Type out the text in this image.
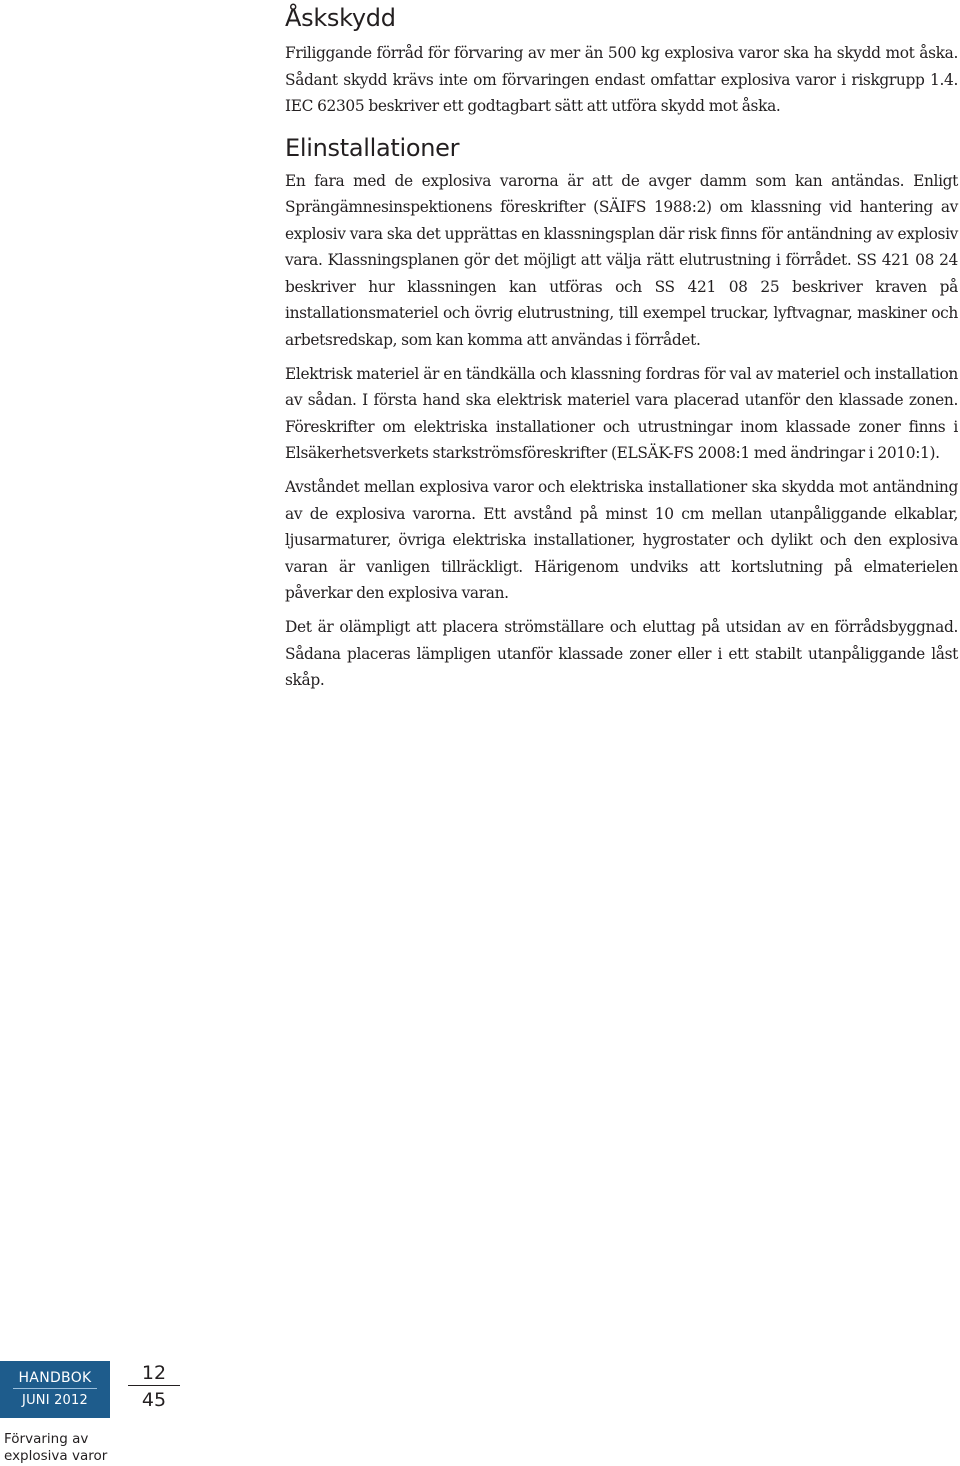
Åskskydd

Friliggande förråd för förvaring av mer än 500 kg explosiva varor ska ha skydd mot åska. Sådant skydd krävs inte om förvaringen endast omfattar explosiva varor i riskgrupp 1.4. IEC 62305 beskriver ett godtagbart sätt att utföra skydd mot åska.

Elinstallationer

En fara med de explosiva varorna är att de avger damm som kan antändas. Enligt Sprängämnesinspektionens föreskrifter (SÄIFS 1988:2) om klassning vid hantering av explosiv vara ska det upprättas en klassningsplan där risk finns för antändning av explosiv vara. Klassningsplanen gör det möjligt att välja rätt elutrustning i förrådet. SS 421 08 24 beskriver hur klassningen kan utföras och SS 421 08 25 beskriver kraven på installationsmateriel och övrig elutrustning, till exempel truckar, lyftvagnar, maskiner och arbetsredskap, som kan komma att användas i förrådet.

Elektrisk materiel är en tändkälla och klassning fordras för val av materiel och installation av sådan. I första hand ska elektrisk materiel vara placerad utanför den klassade zonen. Föreskrifter om elektriska installationer och utrustningar inom klassade zoner finns i Elsäkerhetsverkets starkströmsföreskrifter (ELSÄK-FS 2008:1 med ändringar i 2010:1).

Avståndet mellan explosiva varor och elektriska installationer ska skydda mot antändning av de explosiva varorna. Ett avstånd på minst 10 cm mellan utanpåliggande elkablar, ljusarmaturer, övriga elektriska installationer, hygrostater och dylikt och den explosiva varan är vanligen tillräckligt. Härigenom undviks att kortslutning på elmaterielen påverkar den explosiva varan.

Det är olämpligt att placera strömställare och eluttag på utsidan av en förrådsbyggnad. Sådana placeras lämpligen utanför klassade zoner eller i ett stabilt utanpåliggande låst skåp.

HANDBOK
JUNI 2012
12
45
Förvaring av
explosiva varor
